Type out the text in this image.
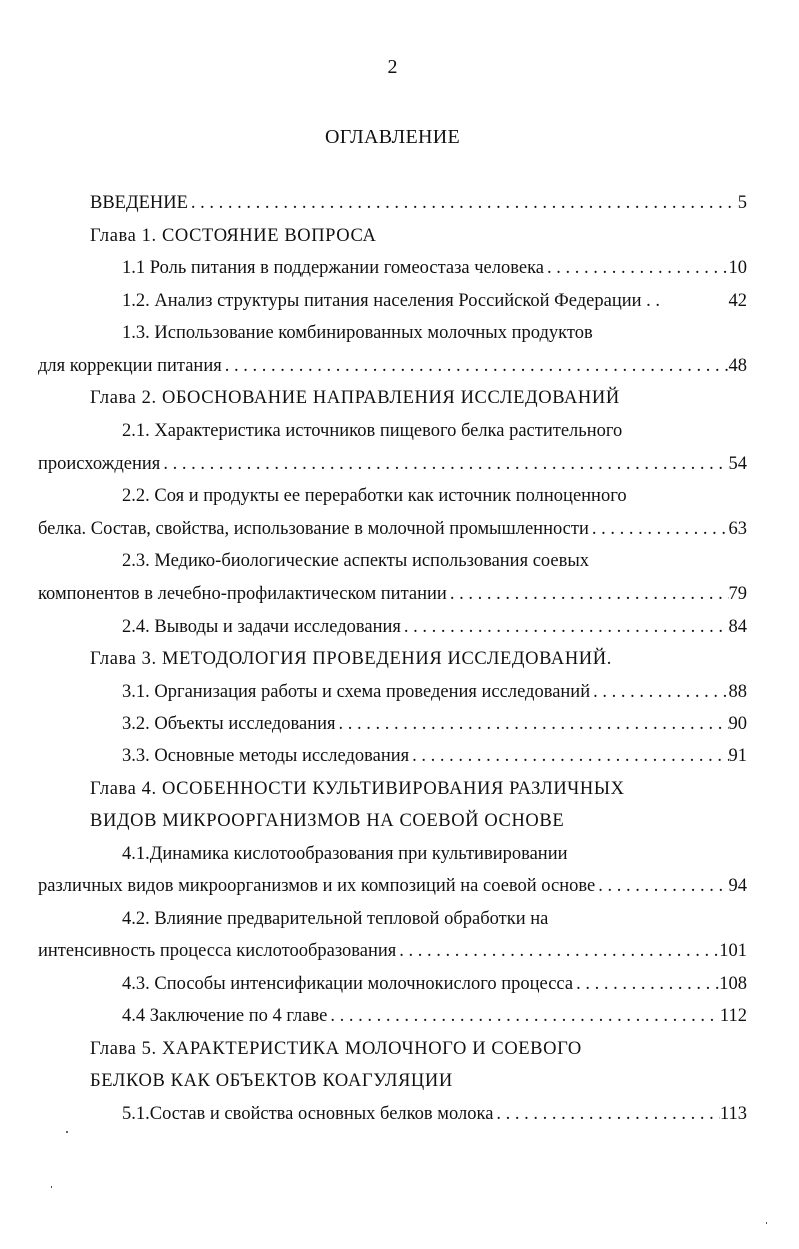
2
ОГЛАВЛЕНИЕ
ВВЕДЕНИЕ . . .	5
Глава 1. СОСТОЯНИЕ ВОПРОСА
1.1 Роль питания в поддержании гомеостаза человека . . .	10
1.2. Анализ структуры питания населения Российской Федерации . .	42
1.3. Использование комбинированных молочных продуктов
для коррекции питания . . .	48
Глава 2. ОБОСНОВАНИЕ НАПРАВЛЕНИЯ ИССЛЕДОВАНИЙ
2.1. Характеристика источников пищевого белка растительного
происхождения . . .	54
2.2. Соя и продукты ее переработки как источник полноценного
белка. Состав, свойства, использование в молочной промышленности . . .	63
2.3. Медико-биологические аспекты использования соевых
компонентов в лечебно-профилактическом питании . . .	79
2.4. Выводы и задачи исследования . . .	84
Глава 3. МЕТОДОЛОГИЯ ПРОВЕДЕНИЯ ИССЛЕДОВАНИЙ.
3.1. Организация работы и схема проведения исследований . . .	88
3.2. Объекты исследования . . .	90
3.3. Основные методы исследования . . .	91
Глава 4. ОСОБЕННОСТИ КУЛЬТИВИРОВАНИЯ РАЗЛИЧНЫХ
ВИДОВ МИКРООРГАНИЗМОВ НА СОЕВОЙ ОСНОВЕ
4.1.Динамика кислотообразования при культивировании
различных видов микроорганизмов и их композиций на соевой основе . . .	94
4.2. Влияние предварительной тепловой обработки на
интенсивность процесса кислотообразования . . .	101
4.3. Способы интенсификации молочнокислого процесса . . .	108
4.4 Заключение по 4 главе . . .	112
Глава 5. ХАРАКТЕРИСТИКА МОЛОЧНОГО И СОЕВОГО
БЕЛКОВ КАК ОБЪЕКТОВ КОАГУЛЯЦИИ
5.1.Состав и свойства основных белков молока . . .	113
